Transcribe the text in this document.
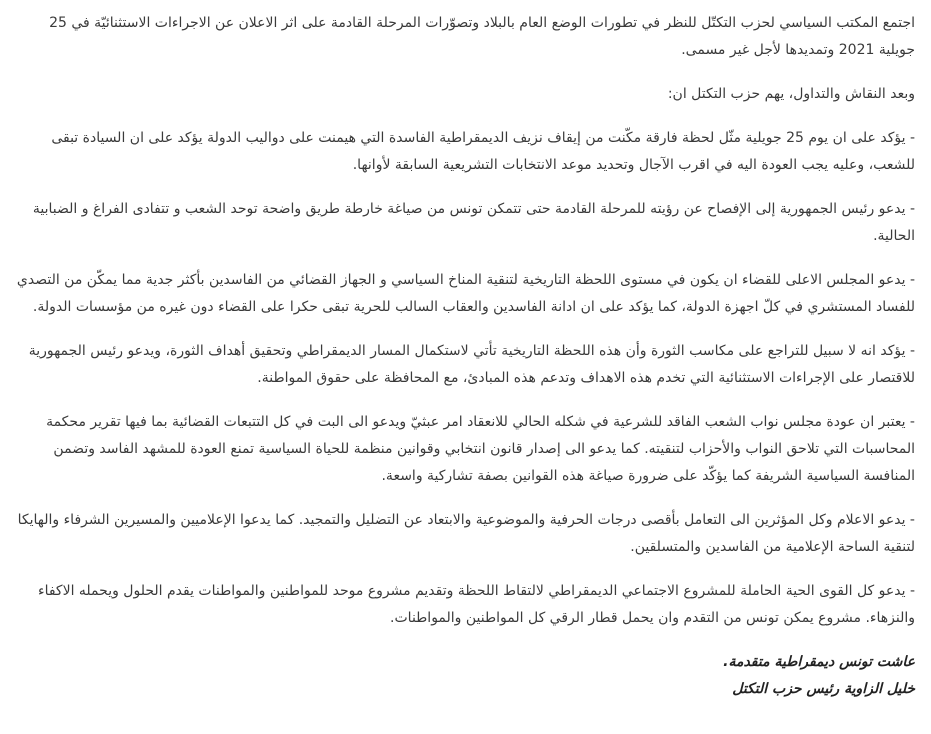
اجتمع المكتب السياسي لحزب التكتّل للنظر في تطورات الوضع العام بالبلاد وتصوّرات المرحلة القادمة على اثر الاعلان عن الاجراءات الاستثنائيّة في 25 جويلية 2021 وتمديدها لأجل غير مسمى.

وبعد النقاش والتداول، يهم حزب التكتل ان:

- يؤكد على ان يوم 25 جويلية مثّل لحظة فارقة مكّنت من إيقاف نزيف الديمقراطية الفاسدة التي هيمنت على دواليب الدولة يؤكد على ان السيادة تبقى للشعب، وعليه يجب العودة اليه في اقرب الآجال وتحديد موعد الانتخابات التشريعية السابقة لأوانها.

- يدعو رئيس الجمهورية إلى الإفصاح عن رؤيته للمرحلة القادمة حتى تتمكن تونس من صياغة خارطة طريق واضحة توحد الشعب و تتفادى الفراغ و الضبابية الحالية.

- يدعو المجلس الاعلى للقضاء ان يكون في مستوى اللحظة التاريخية لتنقية المناخ السياسي و الجهاز القضائي من الفاسدين بأكثر جدية مما يمكّن من التصدي للفساد المستشري في كلّ اجهزة الدولة، كما يؤكد على ان ادانة الفاسدين والعقاب السالب للحرية تبقى حكرا على القضاء دون غيره من مؤسسات الدولة.

- يؤكد انه لا سبيل للتراجع على مكاسب الثورة وأن هذه اللحظة التاريخية تأتي لاستكمال المسار الديمقراطي وتحقيق أهداف الثورة، ويدعو رئيس الجمهورية للاقتصار على الإجراءات الاستثنائية التي تخدم هذه الاهداف وتدعم هذه المبادئ، مع المحافظة على حقوق المواطنة.

- يعتبر ان عودة مجلس نواب الشعب الفاقد للشرعية في شكله الحالي للانعقاد امر عبثيّ ويدعو الى البت في كل التتبعات القضائية بما فيها تقرير محكمة المحاسبات التي تلاحق النواب والأحزاب لتنقيته. كما يدعو الى إصدار قانون انتخابي وقوانين منظمة للحياة السياسية تمنع العودة للمشهد الفاسد وتضمن المنافسة السياسية الشريفة كما يؤكّد على ضرورة صياغة هذه القوانين بصفة تشاركية واسعة.

- يدعو الاعلام وكل المؤثرين الى التعامل بأقصى درجات الحرفية والموضوعية والابتعاد عن التضليل والتمجيد. كما يدعوا الإعلاميين والمسيرين الشرفاء والهايكا لتنقية الساحة الإعلامية من الفاسدين والمتسلقين.

- يدعو كل القوى الحية الحاملة للمشروع الاجتماعي الديمقراطي لالتقاط اللحظة وتقديم مشروع موحد للمواطنين والمواطنات يقدم الحلول ويحمله الاكفاء والنزهاء. مشروع يمكن تونس من التقدم وان يحمل قطار الرقي كل المواطنين والمواطنات.

عاشت تونس ديمقراطية متقدمة.
خليل الزاوية رئيس حزب التكتل
